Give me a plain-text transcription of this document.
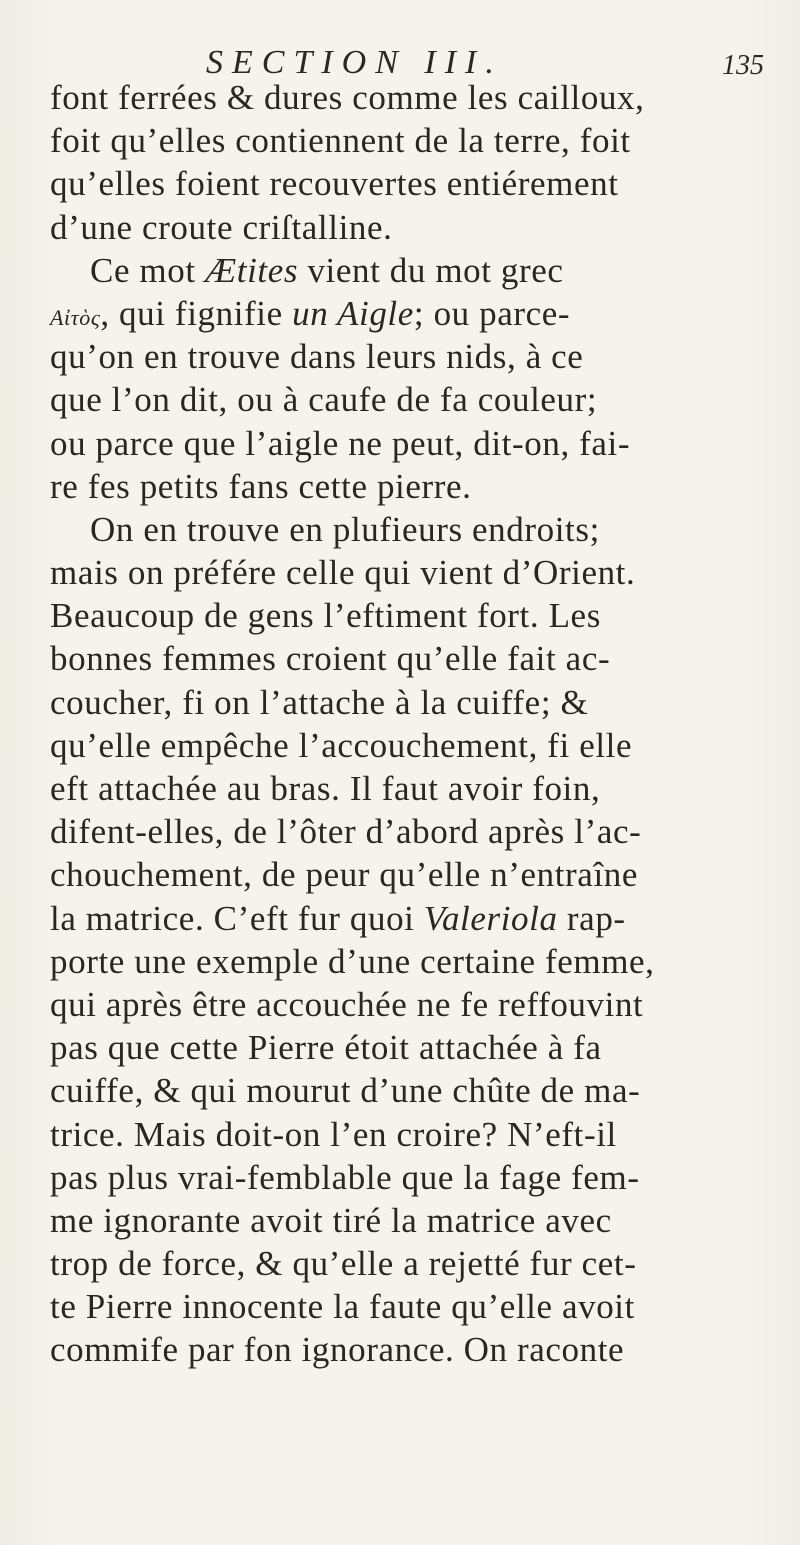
SECTION III.	135
font ferrées & dures comme les cailloux,
foit qu’elles contiennent de la terre, foit
qu’elles foient recouvertes entiérement
d’une croute criſtalline.
Ce mot Ætites vient du mot grec
Aἰτὸς, qui fignifie un Aigle; ou parce-
qu’on en trouve dans leurs nids, à ce
que l’on dit, ou à caufe de fa couleur;
ou parce que l’aigle ne peut, dit-on, fai-
re fes petits fans cette pierre.
On en trouve en plufieurs endroits;
mais on préfére celle qui vient d’Orient.
Beaucoup de gens l’eftiment fort. Les
bonnes femmes croient qu’elle fait ac-
coucher, fi on l’attache à la cuiffe; &
qu’elle empêche l’accouchement, fi elle
eft attachée au bras. Il faut avoir foin,
difent-elles, de l’ôter d’abord après l’ac-
chouchement, de peur qu’elle n’entraîne
la matrice. C’eft fur quoi Valeriola rap-
porte une exemple d’une certaine femme,
qui après être accouchée ne fe reffouvint
pas que cette Pierre étoit attachée à fa
cuiffe, & qui mourut d’une chûte de ma-
trice. Mais doit-on l’en croire? N’eft-il
pas plus vrai-femblable que la fage fem-
me ignorante avoit tiré la matrice avec
trop de force, & qu’elle a rejetté fur cet-
te Pierre innocente la faute qu’elle avoit
commife par fon ignorance. On raconte
